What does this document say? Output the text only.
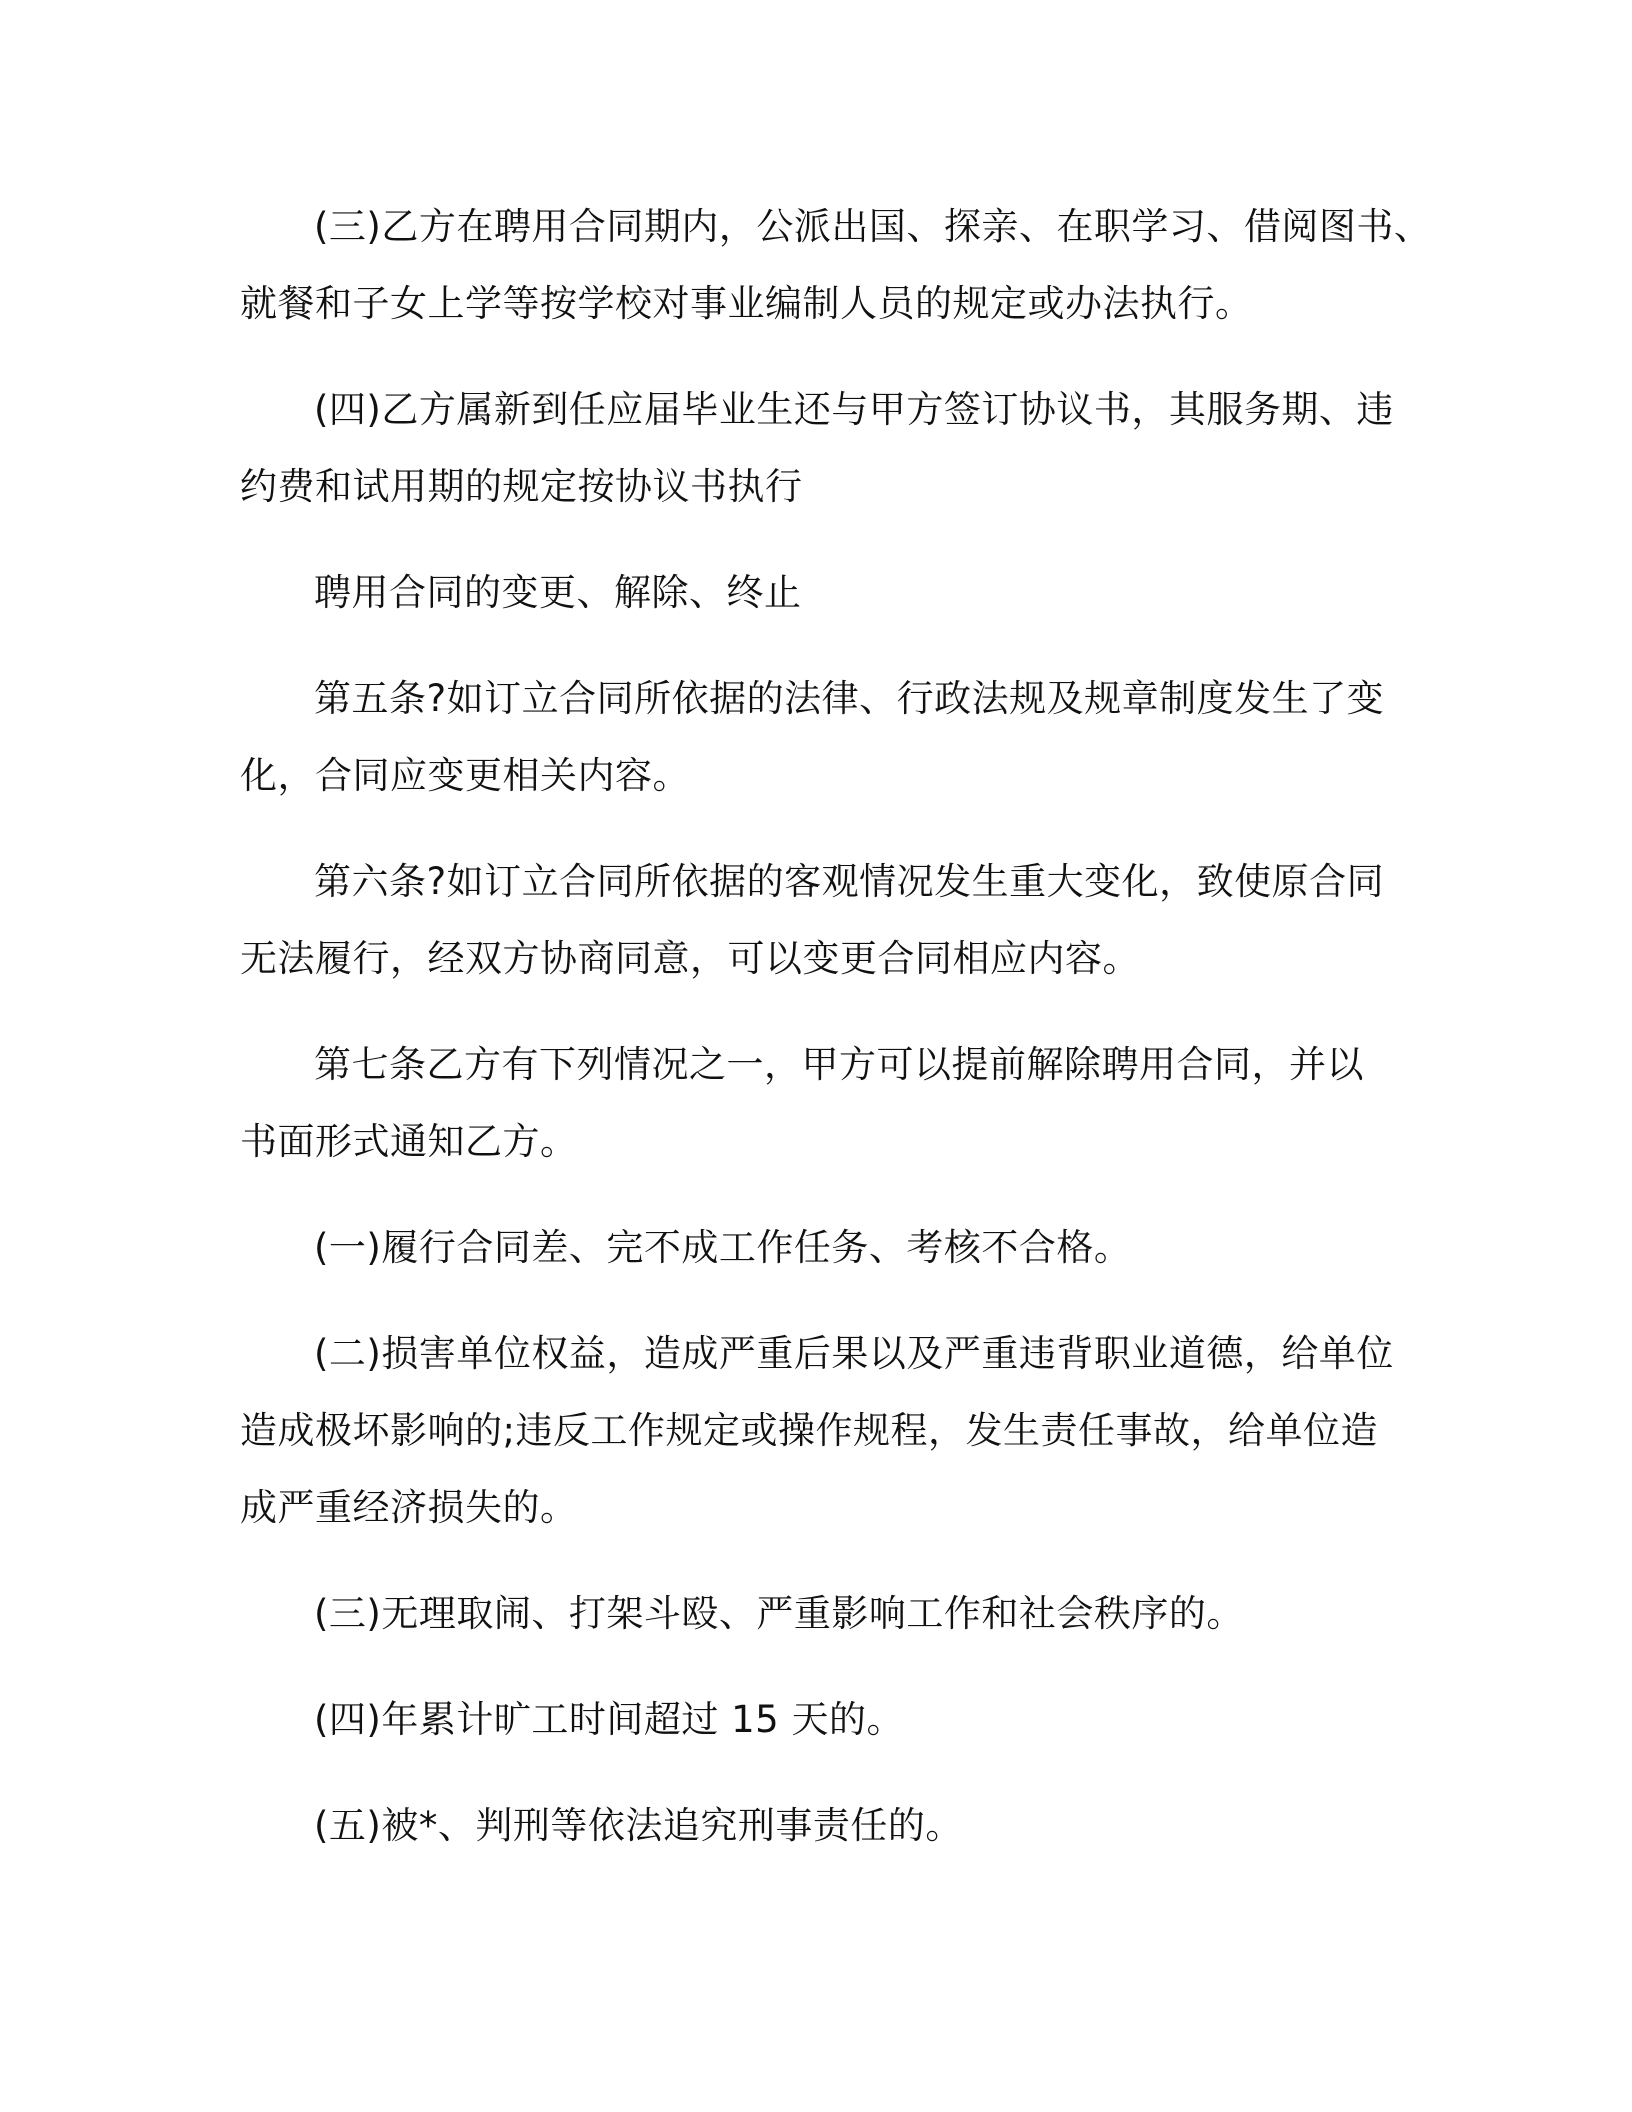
(三)乙方在聘用合同期内，公派出国、探亲、在职学习、借阅图书、
就餐和子女上学等按学校对事业编制人员的规定或办法执行。

(四)乙方属新到任应届毕业生还与甲方签订协议书，其服务期、违
约费和试用期的规定按协议书执行

聘用合同的变更、解除、终止

第五条?如订立合同所依据的法律、行政法规及规章制度发生了变
化，合同应变更相关内容。

第六条?如订立合同所依据的客观情况发生重大变化，致使原合同
无法履行，经双方协商同意，可以变更合同相应内容。

第七条乙方有下列情况之一，甲方可以提前解除聘用合同，并以
书面形式通知乙方。

(一)履行合同差、完不成工作任务、考核不合格。

(二)损害单位权益，造成严重后果以及严重违背职业道德，给单位
造成极坏影响的;违反工作规定或操作规程，发生责任事故，给单位造
成严重经济损失的。

(三)无理取闹、打架斗殴、严重影响工作和社会秩序的。

(四)年累计旷工时间超过 15 天的。

(五)被*、判刑等依法追究刑事责任的。
